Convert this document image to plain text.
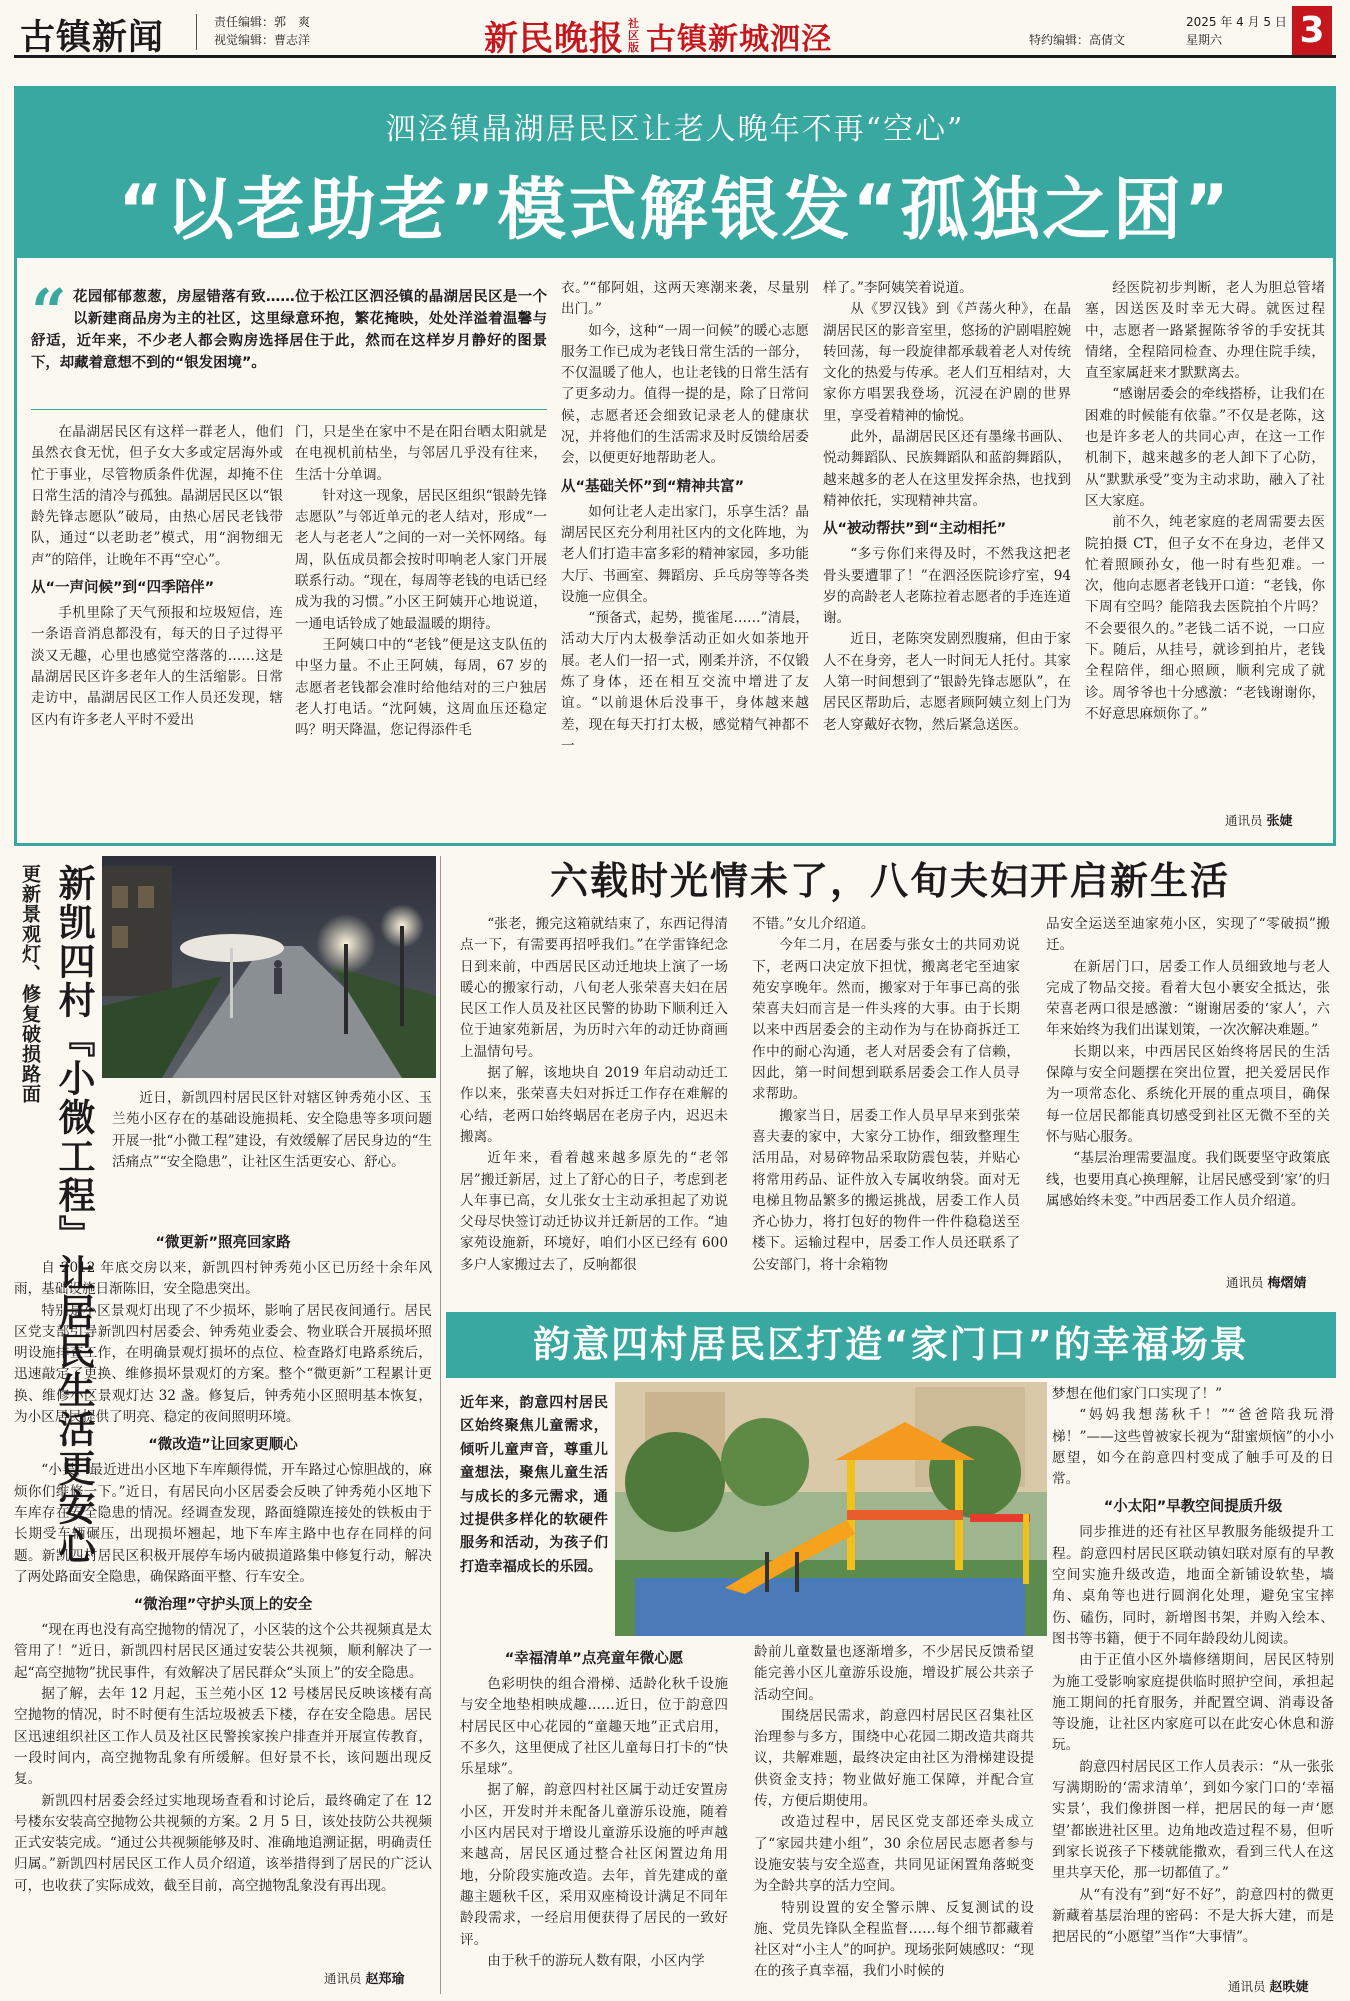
古镇新闻	责任编辑：郭　爽
视觉编辑：曹志洋	新民晚报 社区版 古镇新城泗泾	特约编辑：高倩文
2025 年 4 月 5 日
星期六	3
泗泾镇晶湖居民区让老人晚年不再“空心”
“以老助老”模式解银发“孤独之困”
“ 花园郁郁葱葱，房屋错落有致……位于松江区泗泾镇的晶湖居民区是一个以新建商品房为主的社区，这里绿意环抱，繁花掩映，处处洋溢着温馨与舒适，近年来，不少老人都会购房选择居住于此，然而在这样岁月静好的图景下，却藏着意想不到的“银发困境”。

在晶湖居民区有这样一群老人，他们虽然衣食无忧，但子女大多或定居海外或忙于事业，尽管物质条件优渥，却掩不住日常生活的清冷与孤独。晶湖居民区以“银龄先锋志愿队”破局，由热心居民老钱带队，通过“以老助老”模式，用“润物细无声”的陪伴，让晚年不再“空心”。

从“一声问候”到“四季陪伴”

手机里除了天气预报和垃圾短信，连一条语音消息都没有，每天的日子过得平淡又无趣，心里也感觉空落落的……这是晶湖居民区许多老年人的生活缩影。日常走访中，晶湖居民区工作人员还发现，辖区内有许多老人平时不爱出

门，只是坐在家中不是在阳台晒太阳就是在电视机前枯坐，与邻居几乎没有往来，生活十分单调。

针对这一现象，居民区组织“银龄先锋志愿队”与邻近单元的老人结对，形成“一老人与老老人”之间的一对一关怀网络。每周，队伍成员都会按时叩响老人家门开展联系行动。“现在，每周等老钱的电话已经成为我的习惯。”小区王阿姨开心地说道，一通电话铃成了她最温暖的期待。

王阿姨口中的“老钱”便是这支队伍的中坚力量。不止王阿姨，每周，67 岁的志愿者老钱都会准时给他结对的三户独居老人打电话。“沈阿姨，这周血压还稳定吗？明天降温，您记得添件毛

衣。”“郁阿姐，这两天寒潮来袭，尽量别出门。”

如今，这种“一周一问候”的暖心志愿服务工作已成为老钱日常生活的一部分，不仅温暖了他人，也让老钱的日常生活有了更多动力。值得一提的是，除了日常问候，志愿者还会细致记录老人的健康状况，并将他们的生活需求及时反馈给居委会，以便更好地帮助老人。

从“基础关怀”到“精神共富”

如何让老人走出家门，乐享生活？晶湖居民区充分利用社区内的文化阵地，为老人们打造丰富多彩的精神家园，多功能大厅、书画室、舞蹈房、乒乓房等等各类设施一应俱全。

“预备式，起势，揽雀尾……”清晨，活动大厅内太极拳活动正如火如荼地开展。老人们一招一式，刚柔并济，不仅锻炼了身体，还在相互交流中增进了友谊。“以前退休后没事干，身体越来越差，现在每天打打太极，感觉精气神都不一

样了。”李阿姨笑着说道。

从《罗汉钱》到《芦荡火种》，在晶湖居民区的影音室里，悠扬的沪剧唱腔婉转回荡，每一段旋律都承载着老人对传统文化的热爱与传承。老人们互相结对，大家你方唱罢我登场，沉浸在沪剧的世界里，享受着精神的愉悦。

此外，晶湖居民区还有墨缘书画队、悦动舞蹈队、民族舞蹈队和蓝韵舞蹈队，越来越多的老人在这里发挥余热，也找到精神依托，实现精神共富。

从“被动帮扶”到“主动相托”

“多亏你们来得及时，不然我这把老骨头要遭罪了！”在泗泾医院诊疗室，94 岁的高龄老人老陈拉着志愿者的手连连道谢。

近日，老陈突发剧烈腹痛，但由于家人不在身旁，老人一时间无人托付。其家人第一时间想到了“银龄先锋志愿队”，在居民区帮助后，志愿者顾阿姨立刻上门为老人穿戴好衣物，然后紧急送医。

经医院初步判断，老人为胆总管堵塞，因送医及时幸无大碍。就医过程中，志愿者一路紧握陈爷爷的手安抚其情绪，全程陪同检查、办理住院手续，直至家属赶来才默默离去。

“感谢居委会的牵线搭桥，让我们在困难的时候能有依靠。”不仅是老陈，这也是许多老人的共同心声，在这一工作机制下，越来越多的老人卸下了心防，从“默默承受”变为主动求助，融入了社区大家庭。

前不久，纯老家庭的老周需要去医院拍摄 CT，但子女不在身边，老伴又忙着照顾孙女，他一时有些犯难。一次，他向志愿者老钱开口道：“老钱，你下周有空吗？能陪我去医院拍个片吗？不会要很久的。”老钱二话不说，一口应下。随后，从挂号，就诊到拍片，老钱全程陪伴，细心照顾，顺利完成了就诊。周爷爷也十分感激：“老钱谢谢你，不好意思麻烦你了。”

通讯员 张婕
更新景观灯、修复破损路面 新凯四村『小微工程』让居民生活更安心	近日，新凯四村居民区针对辖区钟秀苑小区、玉兰苑小区存在的基础设施损耗、安全隐患等多项问题开展一批“小微工程”建设，有效缓解了居民身边的“生活痛点”“安全隐患”，让社区生活更安心、舒心。

“微更新”照亮回家路

自 2012 年底交房以来，新凯四村钟秀苑小区已历经十余年风雨，基础设施日渐陈旧，安全隐患突出。

特别是小区景观灯出现了不少损坏，影响了居民夜间通行。居民区党支部引导新凯四村居委会、钟秀苑业委会、物业联合开展损坏照明设施排查工作，在明确景观灯损坏的点位、检查路灯电路系统后，迅速敲定了更换、维修损坏景观灯的方案。整个“微更新”工程累计更换、维修小区景观灯达 32 盏。修复后，钟秀苑小区照明基本恢复，为小区居民提供了明亮、稳定的夜间照明环境。

“微改造”让回家更顺心

“小吴，最近进出小区地下车库颠得慌，开车路过心惊胆战的，麻烦你们维修一下。”近日，有居民向小区居委会反映了钟秀苑小区地下车库存在安全隐患的情况。经调查发现，路面缝隙连接处的铁板由于长期受车辆碾压，出现损坏翘起，地下车库主路中也存在同样的问题。新凯四村居民区积极开展停车场内破损道路集中修复行动，解决了两处路面安全隐患，确保路面平整、行车安全。

“微治理”守护头顶上的安全

“现在再也没有高空抛物的情况了，小区装的这个公共视频真是太管用了！”近日，新凯四村居民区通过安装公共视频，顺利解决了一起“高空抛物”扰民事件，有效解决了居民群众“头顶上”的安全隐患。

据了解，去年 12 月起，玉兰苑小区 12 号楼居民反映该楼有高空抛物的情况，时不时便有生活垃圾被丢下楼，存在安全隐患。居民区迅速组织社区工作人员及社区民警挨家挨户排查并开展宣传教育，一段时间内，高空抛物乱象有所缓解。但好景不长，该问题出现反复。

新凯四村居委会经过实地现场查看和讨论后，最终确定了在 12 号楼东安装高空抛物公共视频的方案。2 月 5 日，该处技防公共视频正式安装完成。“通过公共视频能够及时、准确地追溯证据，明确责任归属。”新凯四村居民区工作人员介绍道，该举措得到了居民的广泛认可，也收获了实际成效，截至目前，高空抛物乱象没有再出现。

通讯员 赵郑瑜
六载时光情未了，八旬夫妇开启新生活

“张老，搬完这箱就结束了，东西记得清点一下，有需要再招呼我们。”在学雷锋纪念日到来前，中西居民区动迁地块上演了一场暖心的搬家行动，八旬老人张荣喜夫妇在居民区工作人员及社区民警的协助下顺利迁入位于迪家苑新居，为历时六年的动迁协商画上温情句号。

据了解，该地块自 2019 年启动动迁工作以来，张荣喜夫妇对拆迁工作存在难解的心结，老两口始终蜗居在老房子内，迟迟未搬离。

近年来，看着越来越多原先的“老邻居”搬迁新居，过上了舒心的日子，考虑到老人年事已高，女儿张女士主动承担起了劝说父母尽快签订动迁协议并迁新居的工作。“迪家苑设施新，环境好，咱们小区已经有 600 多户人家搬过去了，反响都很

不错。”女儿介绍道。

今年二月，在居委与张女士的共同劝说下，老两口决定放下担忧，搬离老宅至迪家苑安享晚年。然而，搬家对于年事已高的张荣喜夫妇而言是一件头疼的大事。由于长期以来中西居委会的主动作为与在协商拆迁工作中的耐心沟通，老人对居委会有了信赖，因此，第一时间想到联系居委会工作人员寻求帮助。

搬家当日，居委工作人员早早来到张荣喜夫妻的家中，大家分工协作，细致整理生活用品，对易碎物品采取防震包装，并贴心将常用药品、证件放入专属收纳袋。面对无电梯且物品繁多的搬运挑战，居委工作人员齐心协力，将打包好的物件一件件稳稳送至楼下。运输过程中，居委工作人员还联系了公安部门，将十余箱物

品安全运送至迪家苑小区，实现了“零破损”搬迁。

在新居门口，居委工作人员细致地与老人完成了物品交接。看着大包小裹安全抵达，张荣喜老两口很是感激：“谢谢居委的‘家人’，六年来始终为我们出谋划策，一次次解决难题。”

长期以来，中西居民区始终将居民的生活保障与安全问题摆在突出位置，把关爱居民作为一项常态化、系统化开展的重点项目，确保每一位居民都能真切感受到社区无微不至的关怀与贴心服务。

“基层治理需要温度。我们既要坚守政策底线，也要用真心换理解，让居民感受到‘家’的归属感始终未变。”中西居委工作人员介绍道。

通讯员 梅熠婧
韵意四村居民区打造“家门口”的幸福场景
近年来，韵意四村居民区始终聚焦儿童需求，倾听儿童声音，尊重儿童想法，聚焦儿童生活与成长的多元需求，通过提供多样化的软硬件服务和活动，为孩子们打造幸福成长的乐园。

“幸福清单”点亮童年微心愿

色彩明快的组合滑梯、适龄化秋千设施与安全地垫相映成趣……近日，位于韵意四村居民区中心花园的“童趣天地”正式启用，不多久，这里便成了社区儿童每日打卡的“快乐星球”。

据了解，韵意四村社区属于动迁安置房小区，开发时并未配备儿童游乐设施，随着小区内居民对于增设儿童游乐设施的呼声越来越高，居民区通过整合社区闲置边角用地，分阶段实施改造。去年，首先建成的童趣主题秋千区，采用双座椅设计满足不同年龄段需求，一经启用便获得了居民的一致好评。

由于秋千的游玩人数有限，小区内学

龄前儿童数量也逐渐增多，不少居民反馈希望能完善小区儿童游乐设施，增设扩展公共亲子活动空间。

围绕居民需求，韵意四村居民区召集社区治理参与多方，围绕中心花园二期改造共商共议，共解难题，最终决定由社区为滑梯建设提供资金支持；物业做好施工保障，并配合宣传，方便后期使用。

改造过程中，居民区党支部还牵头成立了“家园共建小组”，30 余位居民志愿者参与设施安装与安全巡查，共同见证闲置角落蜕变为全龄共享的活力空间。

特别设置的安全警示牌、反复测试的设施、党员先锋队全程监督……每个细节都藏着社区对“小主人”的呵护。现场张阿姨感叹：“现在的孩子真幸福，我们小时候的

梦想在他们家门口实现了！”

“妈妈我想荡秋千！”“爸爸陪我玩滑梯！”——这些曾被家长视为“甜蜜烦恼”的小小愿望，如今在韵意四村变成了触手可及的日常。

“小太阳”早教空间提质升级

同步推进的还有社区早教服务能级提升工程。韵意四村居民区联动镇妇联对原有的早教空间实施升级改造，地面全新铺设软垫，墙角、桌角等也进行圆润化处理，避免宝宝摔伤、磕伤，同时，新增图书架，并购入绘本、图书等书籍，便于不同年龄段幼儿阅读。

由于正值小区外墙修缮期间，居民区特别为施工受影响家庭提供临时照护空间，承担起施工期间的托育服务，并配置空调、消毒设备等设施，让社区内家庭可以在此安心休息和游玩。

韵意四村居民区工作人员表示：“从一张张写满期盼的‘需求清单’，到如今家门口的‘幸福实景’，我们像拼图一样，把居民的每一声‘愿望’都嵌进社区里。边角地改造过程不易，但听到家长说孩子下楼就能撒欢，看到三代人在这里共享天伦，那一切都值了。”

从“有没有”到“好不好”，韵意四村的微更新藏着基层治理的密码：不是大拆大建，而是把居民的“小愿望”当作“大事情”。

通讯员 赵昳婕
